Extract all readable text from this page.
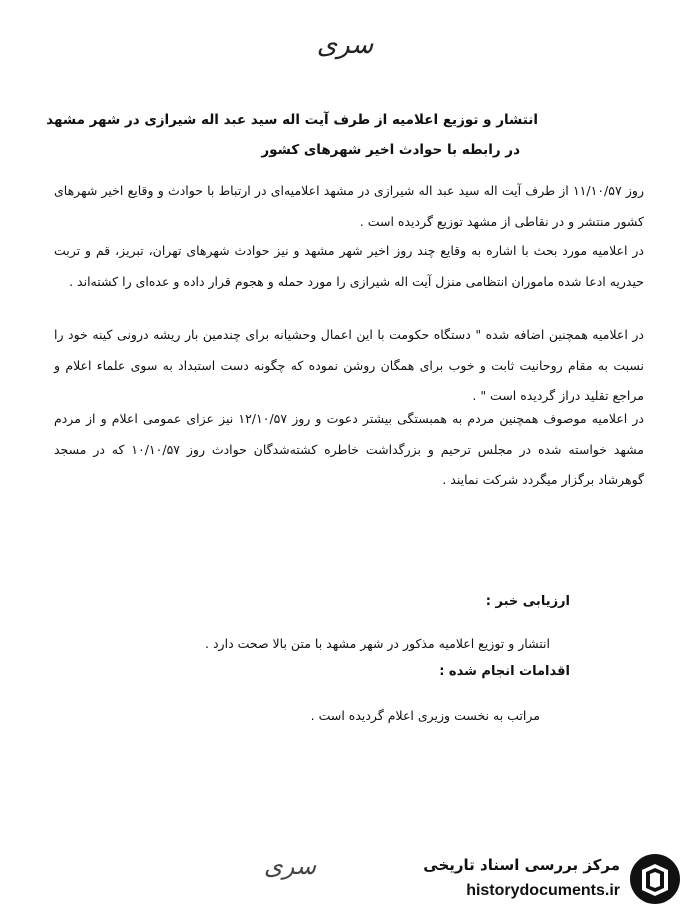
سری
انتشار و توزیع اعلامیه از طرف آیت اله سید عبد اله شیرازی در شهر مشهد
در رابطه با حوادث اخیر شهرهای کشور
روز ۱۱/۱۰/۵۷ از طرف آیت اله سید عبد اله شیرازی در مشهد اعلامیه‌ای در ارتباط با حوادث و وقایع اخیر شهرهای کشور منتشر و در نقاطی از مشهد توزیع گردیده است .
در اعلامیه مورد بحث با اشاره به وقایع چند روز اخیر شهر مشهد و نیز حوادث شهرهای تهران، تبریز، قم و تربت حیدریه ادعا شده ماموران انتظامی منزل آیت اله شیرازی را مورد حمله و هجوم قرار داده و عده‌ای را کشته‌اند .
در اعلامیه همچنین اضافه شده " دستگاه حکومت با این اعمال وحشیانه برای چندمین بار ریشه درونی کینه خود را نسبت به مقام روحانیت ثابت و خوب برای همگان روشن نموده که چگونه دست استبداد به سوی علماء اعلام و مراجع تقلید دراز گردیده است " .
در اعلامیه موصوف همچنین مردم به همبستگی بیشتر دعوت و روز ۱۲/۱۰/۵۷ نیز عزای عمومی اعلام و از مردم مشهد خواسته شده در مجلس ترحیم و بزرگداشت خاطره کشته‌شدگان حوادث روز ۱۰/۱۰/۵۷ که در مسجد گوهرشاد برگزار میگردد شرکت نمایند .
ارزیابی خبر :
انتشار و توزیع اعلامیه مذکور در شهر مشهد با متن بالا صحت دارد .
اقدامات انجام شده :
مراتب به نخست وزیری اعلام گردیده است .
سری	مرکز بررسی اسناد تاریخی
historydocuments.ir
